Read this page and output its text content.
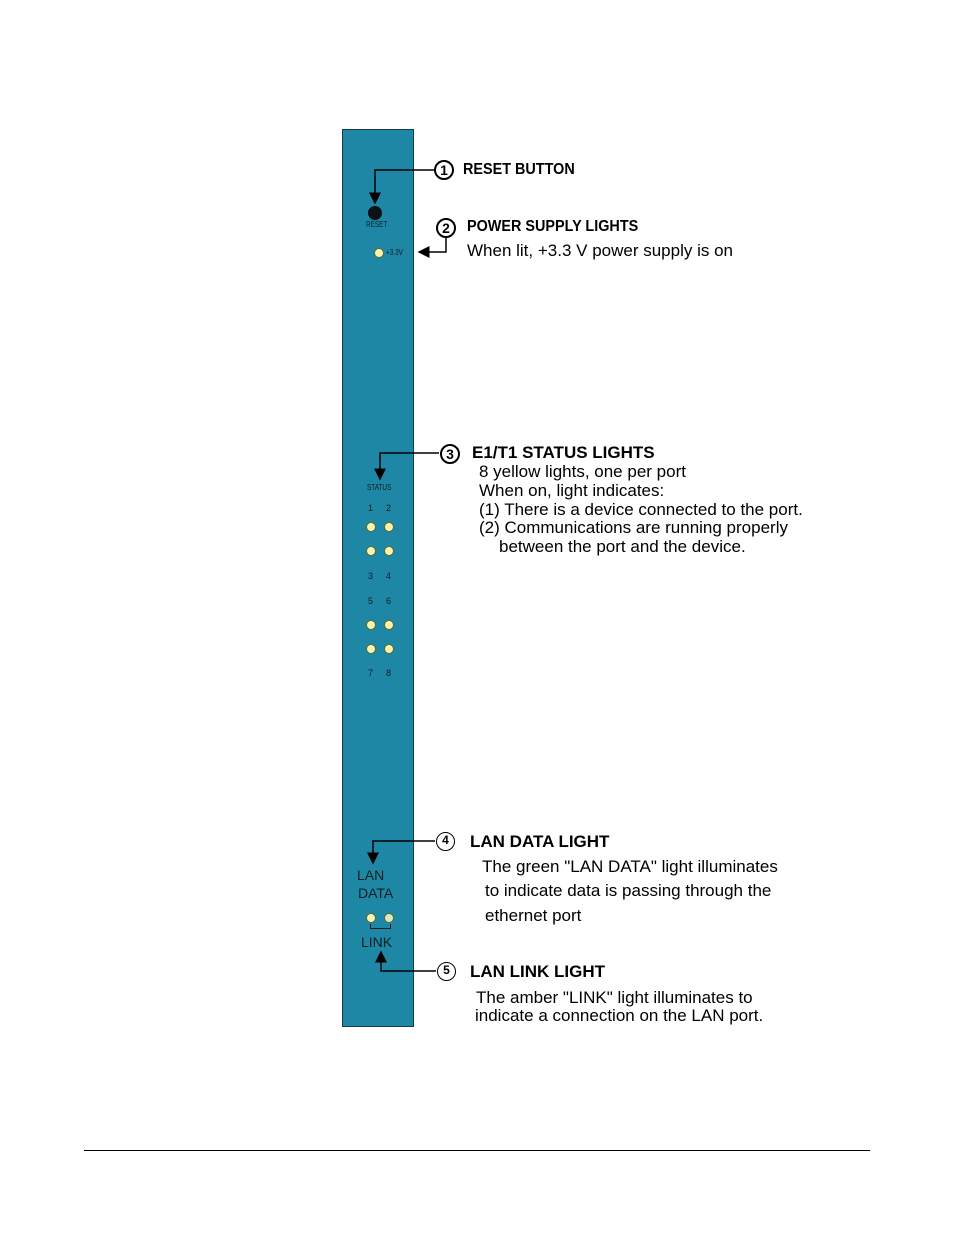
RESET
+3.3V
STATUS
1 2
3 4
5 6
7 8
LAN
DATA
LINK
1 RESET BUTTON
2	POWER SUPPLY LIGHTS
When lit, +3.3 V power supply is on
3	E1/T1 STATUS LIGHTS
8 yellow lights, one per port
When on, light indicates:
(1) There is a device connected to the port.
(2) Communications are running properly
between the port and the device.
4	LAN DATA LIGHT
The green "LAN DATA" light illuminates
to indicate data is passing through the
ethernet port
5	LAN LINK LIGHT
The amber "LINK" light illuminates to
indicate a connection on the LAN port.
